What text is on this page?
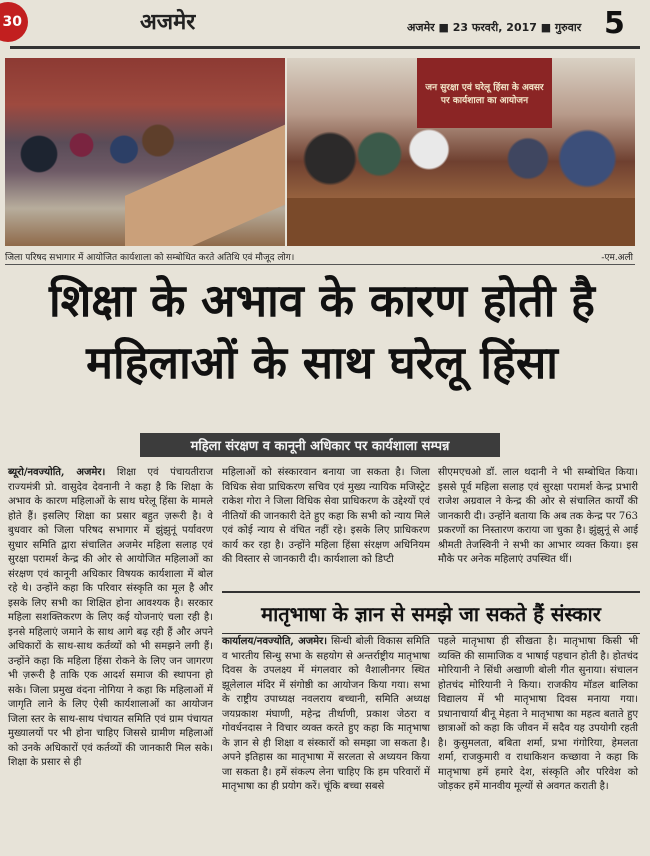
30	अजमेर	अजमेर ■ 23 फरवरी, 2017 ■ गुरुवार 5
जन सुरक्षा एवं घरेलू हिंसा के अवसर पर कार्यशाला का आयोजन
जिला परिषद सभागार में आयोजित कार्यशाला को सम्बोधित करते अतिथि एवं मौजूद लोग।	-एम.अली
शिक्षा के अभाव के कारण होती है
महिलाओं के साथ घरेलू हिंसा
महिला संरक्षण व कानूनी अधिकार पर कार्यशाला सम्पन्न

ब्यूरो/नवज्योति, अजमेर। शिक्षा एवं पंचायतीराज राज्यमंत्री प्रो. वासुदेव देवनानी ने कहा है कि शिक्षा के अभाव के कारण महिलाओं के साथ घरेलू हिंसा के मामले होते हैं। इसलिए शिक्षा का प्रसार बहुत ज़रूरी है। वे बुधवार को जिला परिषद सभागार में झुंझुनूं पर्यावरण सुधार समिति द्वारा संचालित अजमेर महिला सलाह एवं सुरक्षा परामर्श केन्द्र की ओर से आयोजित महिलाओं का संरक्षण एवं कानूनी अधिकार विषयक कार्यशाला में बोल रहे थे। उन्होंने कहा कि परिवार संस्कृति का मूल है और इसके लिए सभी का शिक्षित होना आवश्यक है। सरकार महिला सशक्तिकरण के लिए कई योजनाएं चला रही है। इनसे महिलाएं जमाने के साथ आगे बढ़ रही हैं और अपने अधिकारों के साथ-साथ कर्तव्यों को भी समझने लगी हैं। उन्होंने कहा कि महिला हिंसा रोकने के लिए जन जागरण भी ज़रूरी है ताकि एक आदर्श समाज की स्थापना हो सके। जिला प्रमुख वंदना नोगिया ने कहा कि महिलाओं में जागृति लाने के लिए ऐसी कार्यशालाओं का आयोजन जिला स्तर के साथ-साथ पंचायत समिति एवं ग्राम पंचायत मुख्यालयों पर भी होना चाहिए जिससे ग्रामीण महिलाओं को उनके अधिकारों एवं कर्तव्यों की जानकारी मिल सके। शिक्षा के प्रसार से ही

महिलाओं को संस्कारवान बनाया जा सकता है। जिला विधिक सेवा प्राधिकरण सचिव एवं मुख्य न्यायिक मजिस्ट्रेट राकेश गोरा ने जिला विधिक सेवा प्राधिकरण के उद्देश्यों एवं नीतियों की जानकारी देते हुए कहा कि सभी को न्याय मिले एवं कोई न्याय से वंचित नहीं रहे। इसके लिए प्राधिकरण कार्य कर रहा है। उन्होंने महिला हिंसा संरक्षण अधिनियम की विस्तार से जानकारी दी। कार्यशाला को डिप्टी

सीएमएचओ डॉ. लाल थदानी ने भी सम्बोधित किया। इससे पूर्व महिला सलाह एवं सुरक्षा परामर्श केन्द्र प्रभारी राजेश अग्रवाल ने केन्द्र की ओर से संचालित कार्यों की जानकारी दी। उन्होंने बताया कि अब तक केन्द्र पर 763 प्रकरणों का निस्तारण कराया जा चुका है। झुंझुनूं से आई श्रीमती तेजस्विनी ने सभी का आभार व्यक्त किया। इस मौके पर अनेक महिलाएं उपस्थित थीं।

मातृभाषा के ज्ञान से समझे जा सकते हैं संस्कार

कार्यालय/नवज्योति, अजमेर। सिन्धी बोली विकास समिति व भारतीय सिन्धु सभा के सहयोग से अन्तर्राष्ट्रीय मातृभाषा दिवस के उपलक्ष्य में मंगलवार को वैशालीनगर स्थित झूलेलाल मंदिर में संगोष्ठी का आयोजन किया गया। सभा के राष्ट्रीय उपाध्यक्ष नवलराय बच्चानी, समिति अध्यक्ष जयप्रकाश मंघाणी, महेन्द्र तीर्थाणी, प्रकाश जेठरा व गोवर्धनदास ने विचार व्यक्त करते हुए कहा कि मातृभाषा के ज्ञान से ही शिक्षा व संस्कारों को समझा जा सकता है। अपने इतिहास का मातृभाषा में सरलता से अध्ययन किया जा सकता है। हमें संकल्प लेना चाहिए कि हम परिवारों में मातृभाषा का ही प्रयोग करें। चूंकि बच्चा सबसे

पहले मातृभाषा ही सीखता है। मातृभाषा किसी भी व्यक्ति की सामाजिक व भाषाई पहचान होती है। होतचंद मोरियानी ने सिंधी अखाणी बोली गीत सुनाया। संचालन होतचंद मोरियानी ने किया। राजकीय मॉडल बालिका विद्यालय में भी मातृभाषा दिवस मनाया गया। प्रधानाचार्या बीनू मेहता ने मातृभाषा का महत्व बताते हुए छात्राओं को कहा कि जीवन में सदैव यह उपयोगी रहती है। कुसुमलता, बबिता शर्मा, प्रभा गंगोरिया, हेमलता शर्मा, राजकुमारी व राधाकिशन कच्छावा ने कहा कि मातृभाषा हमें हमारे देश, संस्कृति और परिवेश को जोड़कर हमें मानवीय मूल्यों से अवगत कराती है।
